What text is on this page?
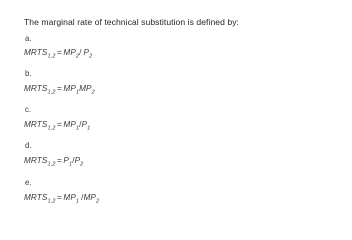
The marginal rate of technical substitution is defined by:
a.
$MRTS_{1,2} = MP_2/$ $P_2$
b.
$MRTS_{1,2} = MP_1MP_2$
c.
$MRTS_{1,2} = MP_1/P_1$
d.
$MRTS_{1,2} = P_1/P_2$
e.
$MRTS_{1,2} = MP_1$ $/MP_2$
